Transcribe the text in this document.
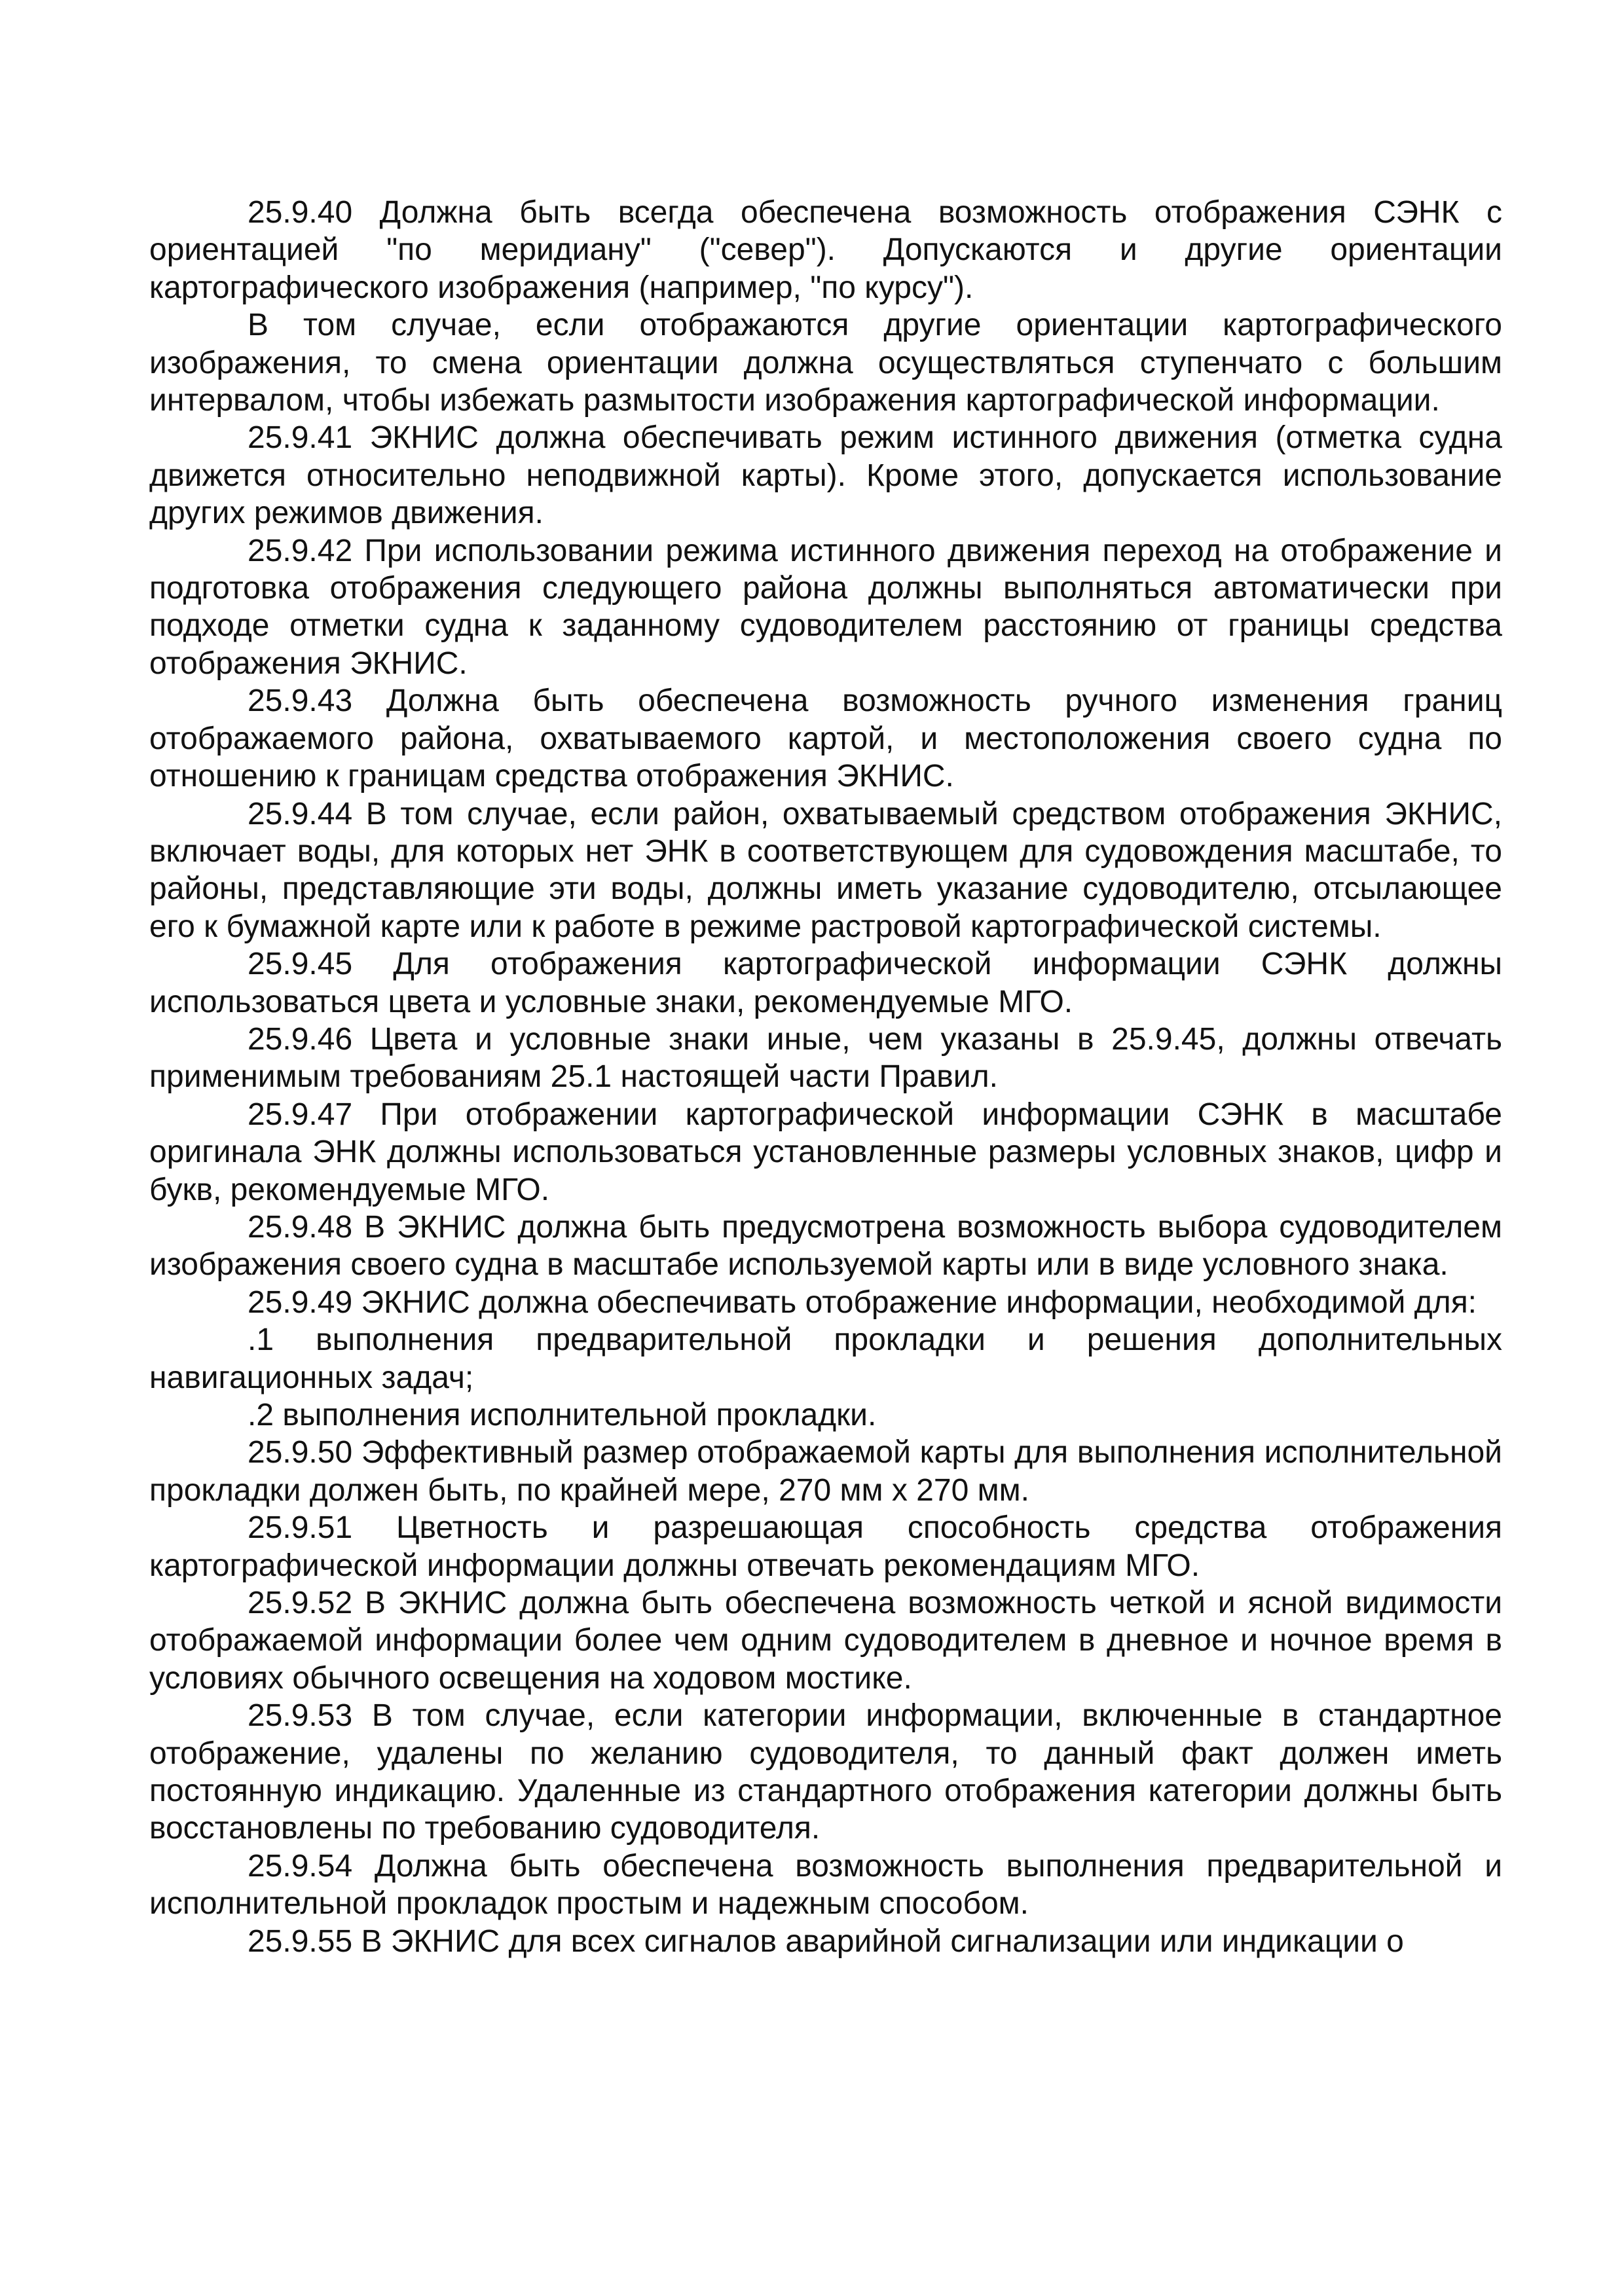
25.9.40 Должна быть всегда обеспечена возможность отображения СЭНК с ориентацией "по меридиану" ("север"). Допускаются и другие ориентации картографического изображения (например, "по курсу").

В том случае, если отображаются другие ориентации картографического изображения, то смена ориентации должна осуществляться ступенчато с большим интервалом, чтобы избежать размытости изображения картографической информации.

25.9.41 ЭКНИС должна обеспечивать режим истинного движения (отметка судна движется относительно неподвижной карты). Кроме этого, допускается использование других режимов движения.

25.9.42 При использовании режима истинного движения переход на отображение и подготовка отображения следующего района должны выполняться автоматически при подходе отметки судна к заданному судоводителем расстоянию от границы средства отображения ЭКНИС.

25.9.43 Должна быть обеспечена возможность ручного изменения границ отображаемого района, охватываемого картой, и местоположения своего судна по отношению к границам средства отображения ЭКНИС.

25.9.44 В том случае, если район, охватываемый средством отображения ЭКНИС, включает воды, для которых нет ЭНК в соответствующем для судовождения масштабе, то районы, представляющие эти воды, должны иметь указание судоводителю, отсылающее его к бумажной карте или к работе в режиме растровой картографической системы.

25.9.45 Для отображения картографической информации СЭНК должны использоваться цвета и условные знаки, рекомендуемые МГО.

25.9.46 Цвета и условные знаки иные, чем указаны в 25.9.45, должны отвечать применимым требованиям 25.1 настоящей части Правил.

25.9.47 При отображении картографической информации СЭНК в масштабе оригинала ЭНК должны использоваться установленные размеры условных знаков, цифр и букв, рекомендуемые МГО.

25.9.48 В ЭКНИС должна быть предусмотрена возможность выбора судоводителем изображения своего судна в масштабе используемой карты или в виде условного знака.

25.9.49 ЭКНИС должна обеспечивать отображение информации, необходимой для:

.1 выполнения предварительной прокладки и решения дополнительных навигационных задач;

.2 выполнения исполнительной прокладки.

25.9.50 Эффективный размер отображаемой карты для выполнения исполнительной прокладки должен быть, по крайней мере, 270 мм x 270 мм.

25.9.51 Цветность и разрешающая способность средства отображения картографической информации должны отвечать рекомендациям МГО.

25.9.52 В ЭКНИС должна быть обеспечена возможность четкой и ясной видимости отображаемой информации более чем одним судоводителем в дневное и ночное время в условиях обычного освещения на ходовом мостике.

25.9.53 В том случае, если категории информации, включенные в стандартное отображение, удалены по желанию судоводителя, то данный факт должен иметь постоянную индикацию. Удаленные из стандартного отображения категории должны быть восстановлены по требованию судоводителя.

25.9.54 Должна быть обеспечена возможность выполнения предварительной и исполнительной прокладок простым и надежным способом.

25.9.55 В ЭКНИС для всех сигналов аварийной сигнализации или индикации о
